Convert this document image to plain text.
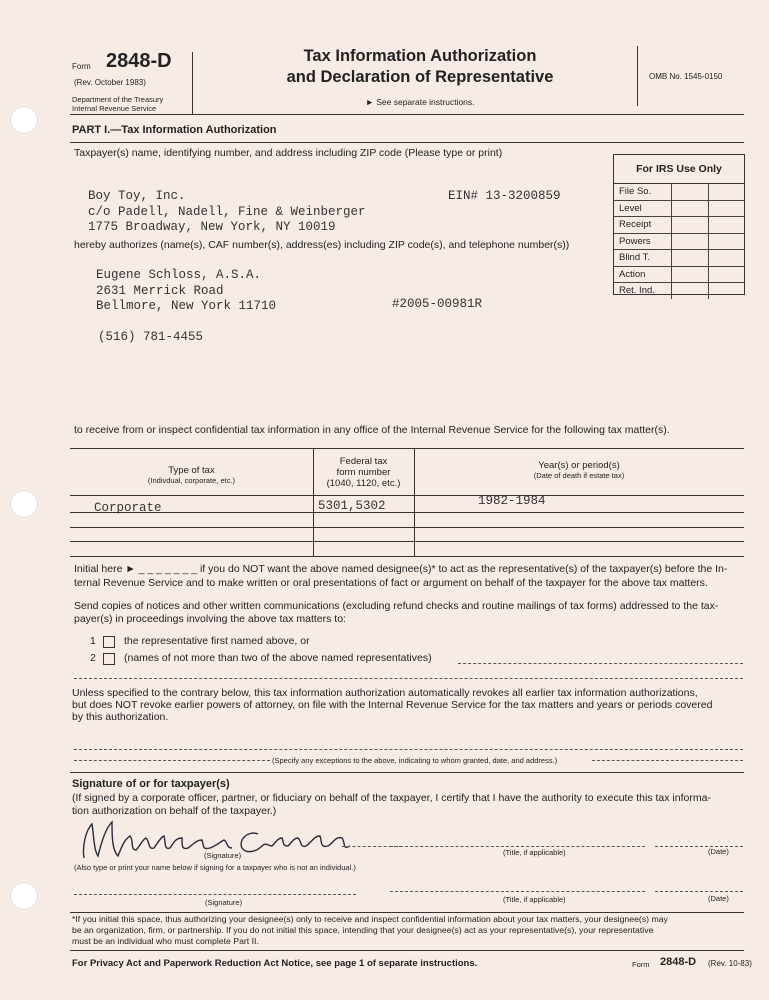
Form 2848-D
(Rev. October 1983)
Department of the Treasury
Internal Revenue Service
Tax Information Authorization
and Declaration of Representative
► See separate instructions.
OMB No. 1545-0150
PART I.—Tax Information Authorization
Taxpayer(s) name, identifying number, and address including ZIP code (Please type or print)
For IRS Use Only
File So.
Level
Receipt
Powers
Blind T.
Action
Ret. Ind.
Boy Toy, Inc.	EIN# 13-3200859
c/o Padell, Nadell, Fine & Weinberger
1775 Broadway, New York, NY 10019
hereby authorizes (name(s), CAF number(s), address(es) including ZIP code(s), and telephone number(s))
Eugene Schloss, A.S.A.
2631 Merrick Road
Bellmore, New York 11710	#2005-00981R
(516) 781-4455
to receive from or inspect confidential tax information in any office of the Internal Revenue Service for the following tax matter(s).
Type of tax
(Indivdual, corporate, etc.)
Federal tax
form number
(1040, 1120, etc.)
Year(s) or period(s)
(Date of death if estate tax)
Corporate	5301,5302	1982-1984
Initial here ► _ _ _ _ _ _ _ if you do NOT want the above named designee(s)* to act as the representative(s) of the taxpayer(s) before the In-
ternal Revenue Service and to make written or oral presentations of fact or argument on behalf of the taxpayer for the above tax matters.
Send copies of notices and other written communications (excluding refund checks and routine mailings of tax forms) addressed to the tax-
payer(s) in proceedings involving the above tax matters to:
1	the representative first named above, or
2	(names of not more than two of the above named representatives)
Unless specified to the contrary below, this tax information authorization automatically revokes all earlier tax information authorizations,
but does NOT revoke earlier powers of attorney, on file with the Internal Revenue Service for the tax matters and years or periods covered
by this authorization.
(Specify any exceptions to the above, indicating to whom granted, date, and address.)
Signature of or for taxpayer(s)
(If signed by a corporate officer, partner, or fiduciary on behalf of the taxpayer, I certify that I have the authority to execute this tax informa-
tion authorization on behalf of the taxpayer.)
(Signature)	(Title, if applicable)	(Date)
(Also type or print your name below if signing for a taxpayer who is not an individual.)
(Signature)	(Title, if applicable)	(Date)
*If you initial this space, thus authorizing your designee(s) only to receive and inspect confidential information about your tax matters, your designee(s) may
be an organization, firm, or partnership. If you do not initial this space, intending that your designee(s) act as your representative(s), your representative
must be an individual who must complete Part II.
For Privacy Act and Paperwork Reduction Act Notice, see page 1 of separate instructions.	Form 2848-D (Rev. 10-83)
